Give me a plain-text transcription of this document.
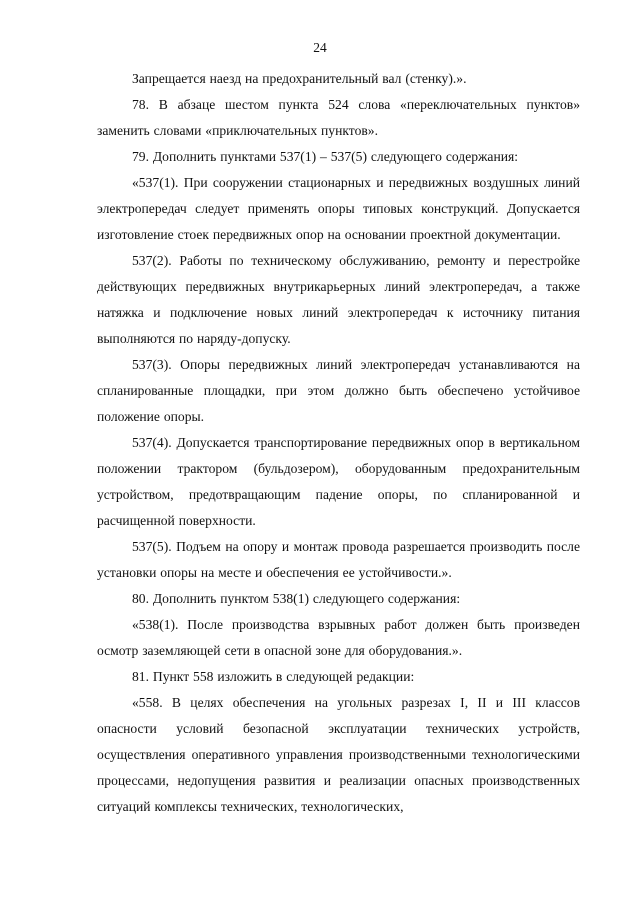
24

Запрещается наезд на предохранительный вал (стенку).».

78. В абзаце шестом пункта 524 слова «переключательных пунктов» заменить словами «приключательных пунктов».

79. Дополнить пунктами 537(1) – 537(5) следующего содержания:

«537(1). При сооружении стационарных и передвижных воздушных линий электропередач следует применять опоры типовых конструкций. Допускается изготовление стоек передвижных опор на основании проектной документации.

537(2). Работы по техническому обслуживанию, ремонту и перестройке действующих передвижных внутрикарьерных линий электропередач, а также натяжка и подключение новых линий электропередач к источнику питания выполняются по наряду-допуску.

537(3). Опоры передвижных линий электропередач устанавливаются на спланированные площадки, при этом должно быть обеспечено устойчивое положение опоры.

537(4). Допускается транспортирование передвижных опор в вертикальном положении трактором (бульдозером), оборудованным предохранительным устройством, предотвращающим падение опоры, по спланированной и расчищенной поверхности.

537(5). Подъем на опору и монтаж провода разрешается производить после установки опоры на месте и обеспечения ее устойчивости.».

80. Дополнить пунктом 538(1) следующего содержания:

«538(1). После производства взрывных работ должен быть произведен осмотр заземляющей сети в опасной зоне для оборудования.».

81. Пункт 558 изложить в следующей редакции:

«558. В целях обеспечения на угольных разрезах I, II и III классов опасности условий безопасной эксплуатации технических устройств, осуществления оперативного управления производственными технологическими процессами, недопущения развития и реализации опасных производственных ситуаций комплексы технических, технологических,
